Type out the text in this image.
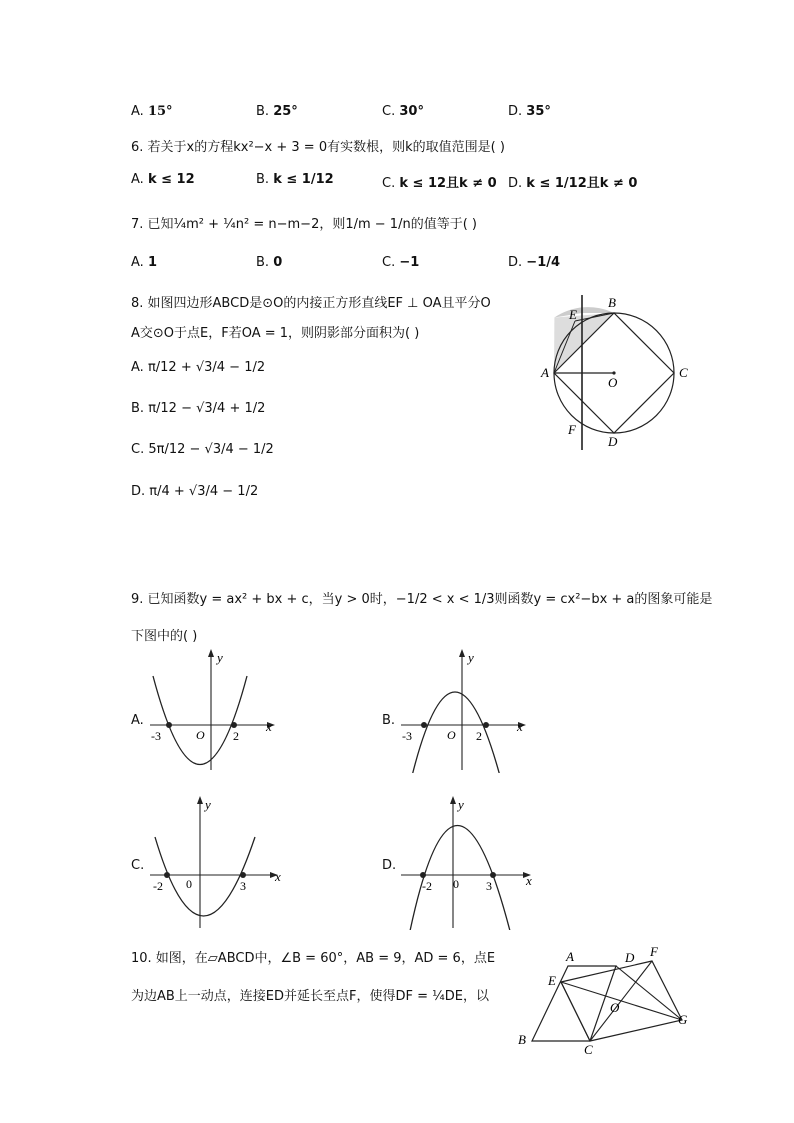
A. 15°	B. 25°	C. 30°	D. 35°
6. 若关于x的方程kx²−x + 3 = 0有实数根，则k的取值范围是( )
A. k ≤ 12	B. k ≤ 1/12	C. k ≤ 12且k ≠ 0 D. k ≤ 1/12且k ≠ 0
7. 已知¼m² + ¼n² = n−m−2，则1/m − 1/n的值等于( )
A. 1	B. 0	C. −1	D. −1/4
8. 如图四边形ABCD是⊙O的内接正方形直线EF ⊥ OA且平分O
A交⊙O于点E，F若OA = 1，则阴影部分面积为( )
A. π/12 + √3/4 − 1/2
B. π/12 − √3/4 + 1/2
C. 5π/12 − √3/4 − 1/2
D. π/4 + √3/4 − 1/2
B
E
A
O
C
F
D
9. 已知函数y = ax² + bx + c，当y > 0时，−1/2 < x < 1/3则函数y = cx²−bx + a的图象可能是
下图中的( )
A.
y
x
-3	O 2
B.
y
x
-3	O 2
C.
y
x
-2 0	3
D.
y
x
-2 0 3
10. 如图，在▱ABCD中，∠B = 60°，AB = 9，AD = 6，点E
为边AB上一动点，连接ED并延长至点F，使得DF = ¼DE，以
A	D F
E
O
G
B
C
